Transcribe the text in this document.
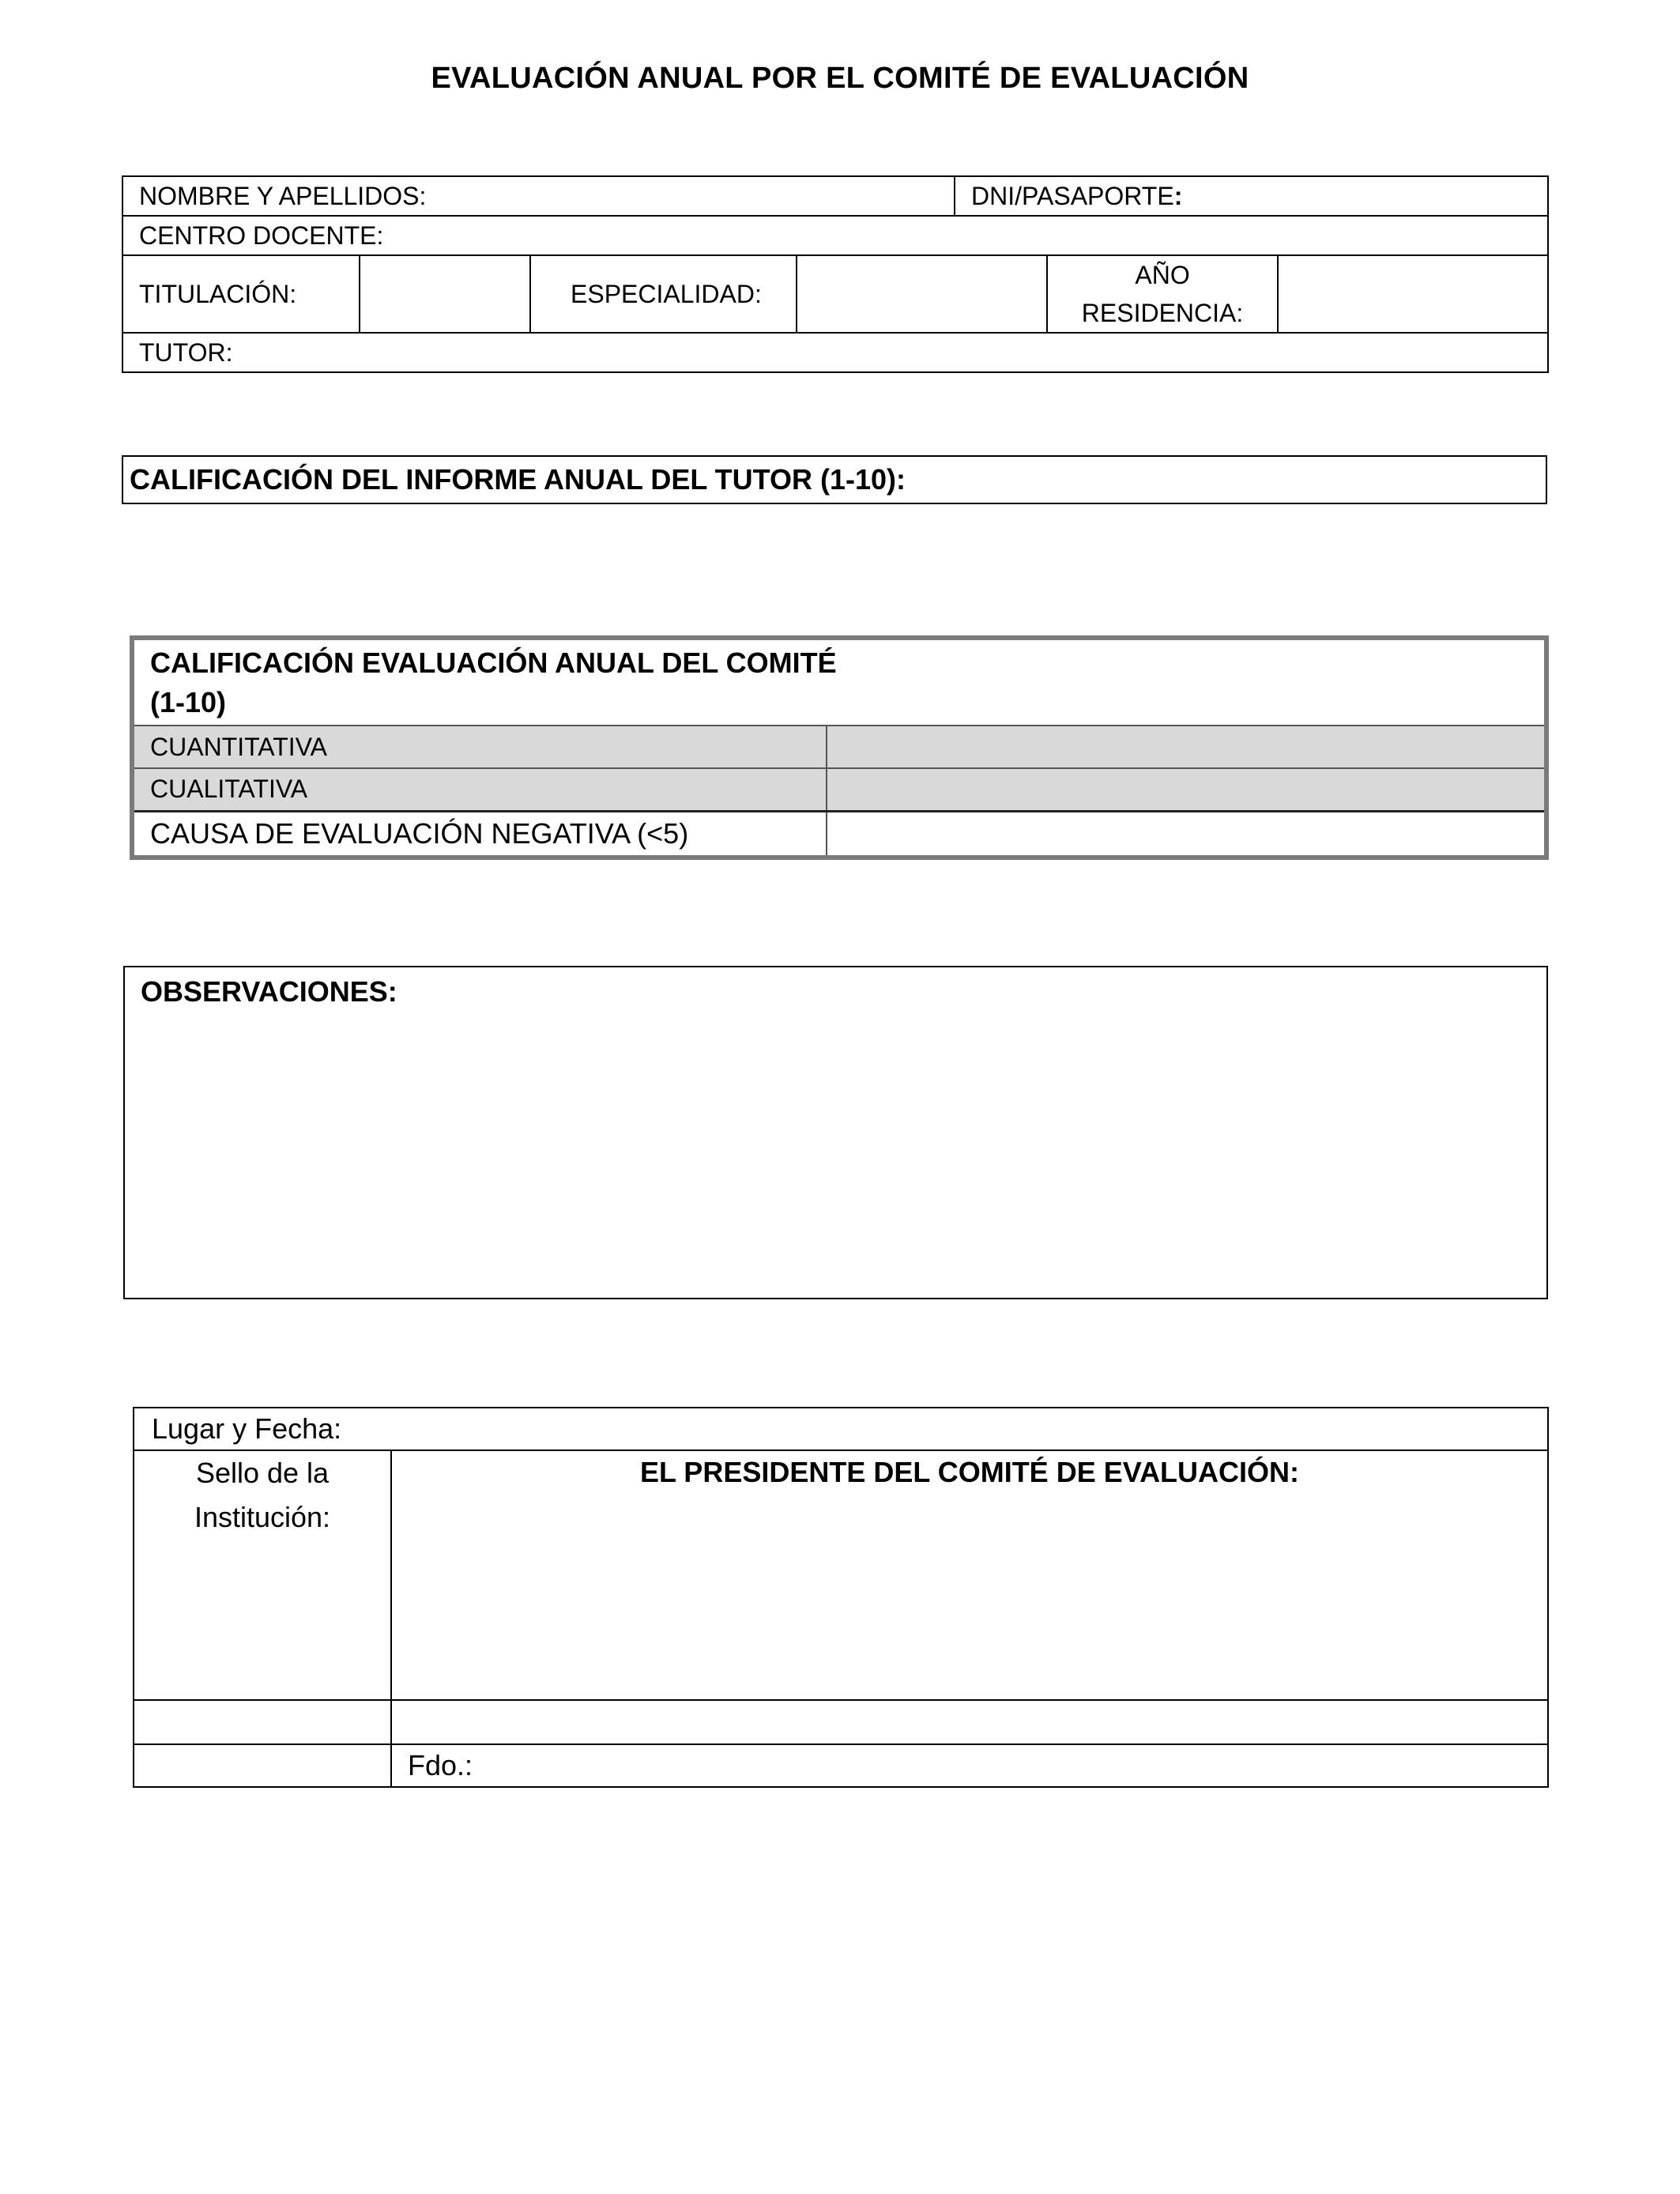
EVALUACIÓN ANUAL POR EL COMITÉ DE EVALUACIÓN
NOMBRE Y APELLIDOS:				DNI/PASAPORTE:		
CENTRO DOCENTE:						
TITULACIÓN:		ESPECIALIDAD:			AÑO
RESIDENCIA:	

TUTOR:						
CALIFICACIÓN DEL INFORME ANUAL DEL TUTOR (1-10):
CALIFICACIÓN EVALUACIÓN ANUAL DEL COMITÉ
(1-10)	

CUANTITATIVA	
CUALITATIVA	
CAUSA DE EVALUACIÓN NEGATIVA (<5)	
OBSERVACIONES:
Lugar y Fecha:	

Sello de la
Institución:	EL PRESIDENTE DEL COMITÉ DE EVALUACIÓN:

	Fdo.:
